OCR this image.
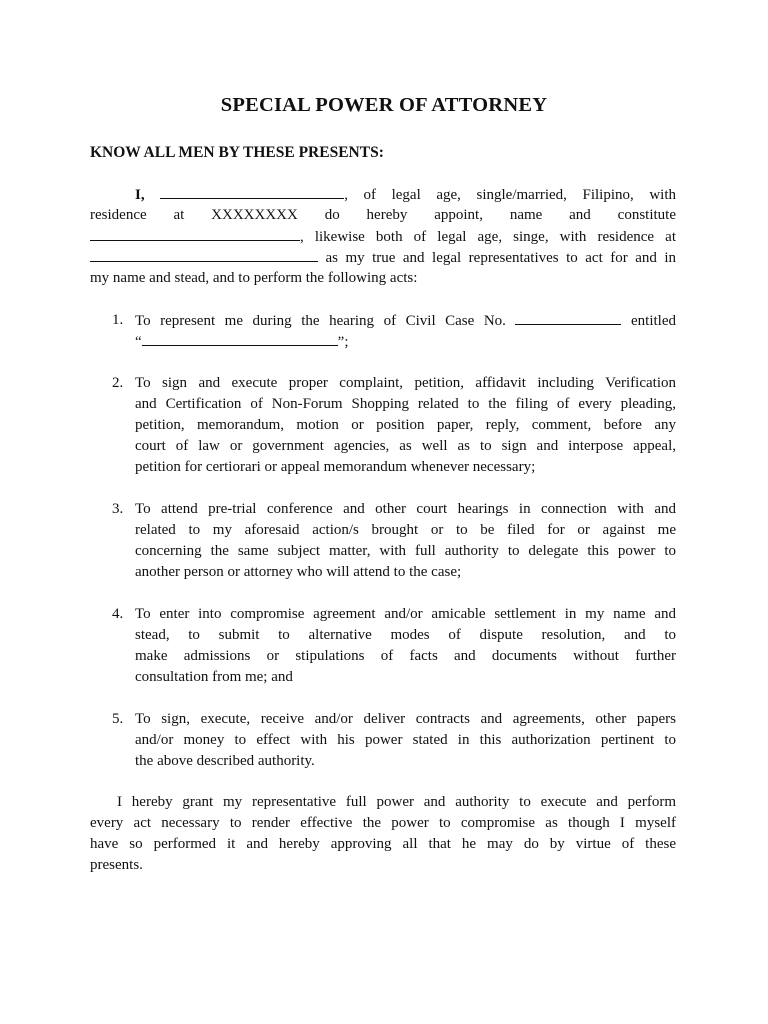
SPECIAL POWER OF ATTORNEY
KNOW ALL MEN BY THESE PRESENTS:
I,	, of legal age, single/married, Filipino, with
residence at XXXXXXXX do hereby appoint, name and constitute
, likewise both of legal age, singe, with residence at
as my true and legal representatives to act for and in
my name and stead, and to perform the following acts:
1. To represent me during the hearing of Civil Case No.	entitled
“	”;
2. To sign and execute proper complaint, petition, affidavit including Verification
and Certification of Non-Forum Shopping related to the filing of every pleading,
petition, memorandum, motion or position paper, reply, comment, before any
court of law or government agencies, as well as to sign and interpose appeal,
petition for certiorari or appeal memorandum whenever necessary;
3. To attend pre-trial conference and other court hearings in connection with and
related to my aforesaid action/s brought or to be filed for or against me
concerning the same subject matter, with full authority to delegate this power to
another person or attorney who will attend to the case;
4. To enter into compromise agreement and/or amicable settlement in my name and
stead, to submit to alternative modes of dispute resolution, and to
make admissions or stipulations of facts and documents without further
consultation from me; and
5. To sign, execute, receive and/or deliver contracts and agreements, other papers
and/or money to effect with his power stated in this authorization pertinent to
the above described authority.
I hereby grant my representative full power and authority to execute and perform
every act necessary to render effective the power to compromise as though I myself
have so performed it and hereby approving all that he may do by virtue of these
presents.
